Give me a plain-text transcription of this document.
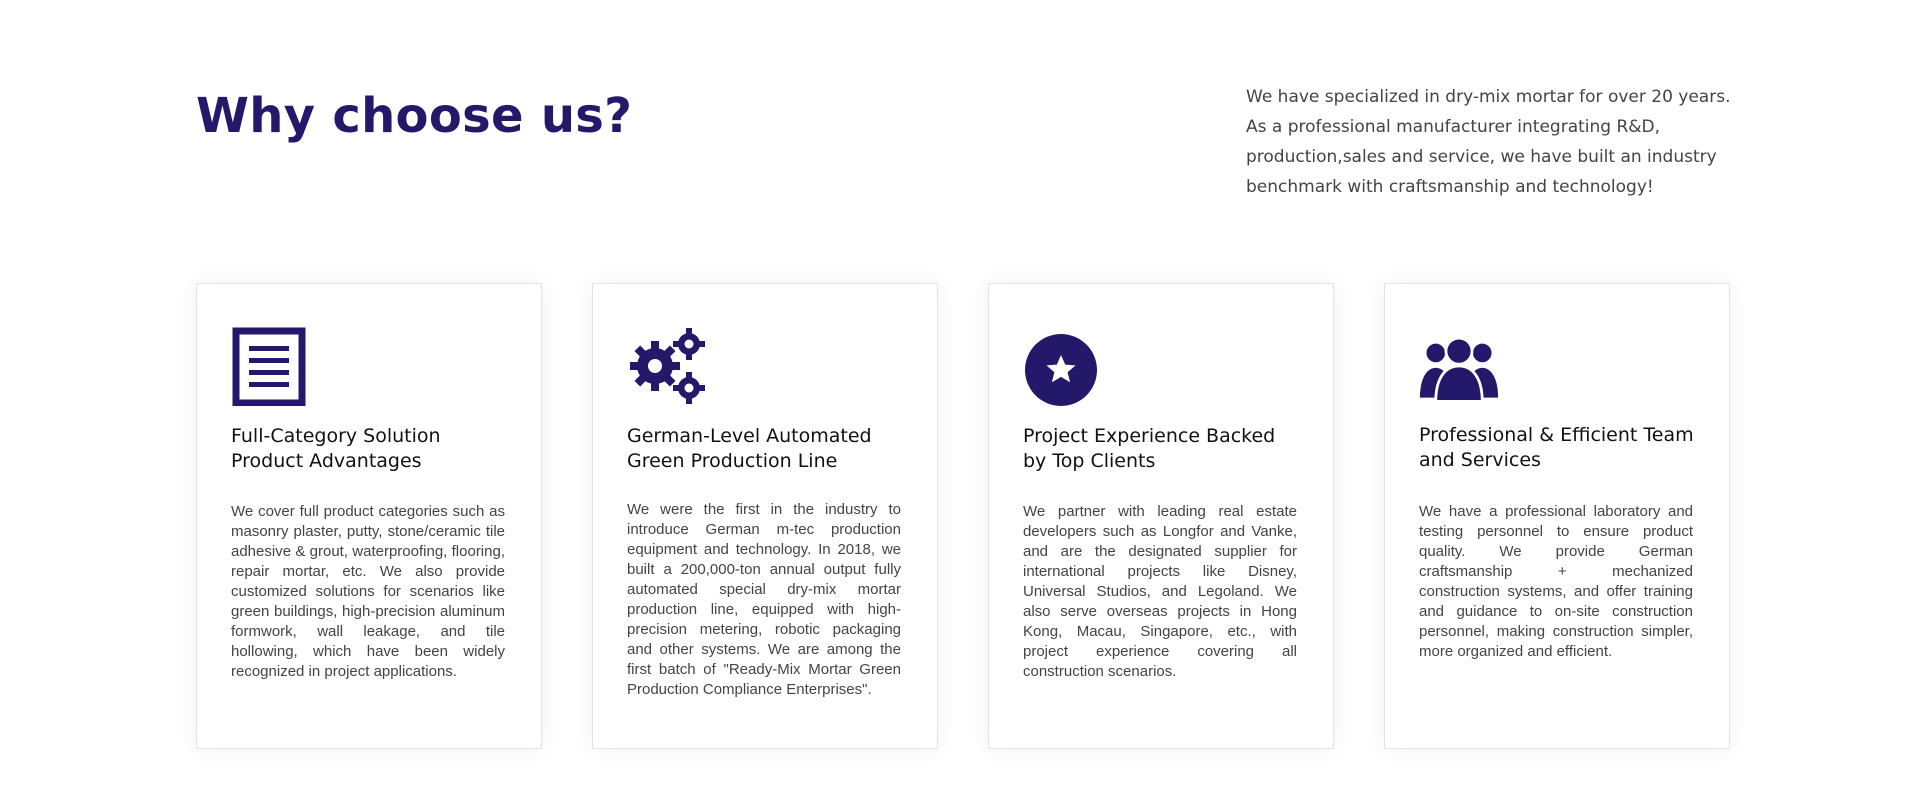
Why choose us?	We have specialized in dry-mix mortar for over 20 years. As a professional manufacturer integrating R&D, production,sales and service, we have built an industry benchmark with craftsmanship and technology!

Full-Category Solution
Product Advantages

We cover full product categories such as masonry plaster, putty, stone/ceramic tile adhesive & grout, waterproofing, flooring, repair mortar, etc. We also provide customized solutions for scenarios like green buildings, high-precision aluminum formwork, wall leakage, and tile hollowing, which have been widely recognized in project applications.

German-Level Automated
Green Production Line

We were the first in the industry to introduce German m-tec production equipment and technology. In 2018, we built a 200,000-ton annual output fully automated special dry-mix mortar production line, equipped with high-precision metering, robotic packaging and other systems. We are among the first batch of "Ready-Mix Mortar Green Production Compliance Enterprises".

Project Experience Backed
by Top Clients

We partner with leading real estate developers such as Longfor and Vanke, and are the designated supplier for international projects like Disney, Universal Studios, and Legoland. We also serve overseas projects in Hong Kong, Macau, Singapore, etc., with project experience covering all construction scenarios.

Professional & Efficient Team
and Services

We have a professional laboratory and testing personnel to ensure product quality. We provide German craftsmanship + mechanized construction systems, and offer training and guidance to on-site construction personnel, making construction simpler, more organized and efficient.
